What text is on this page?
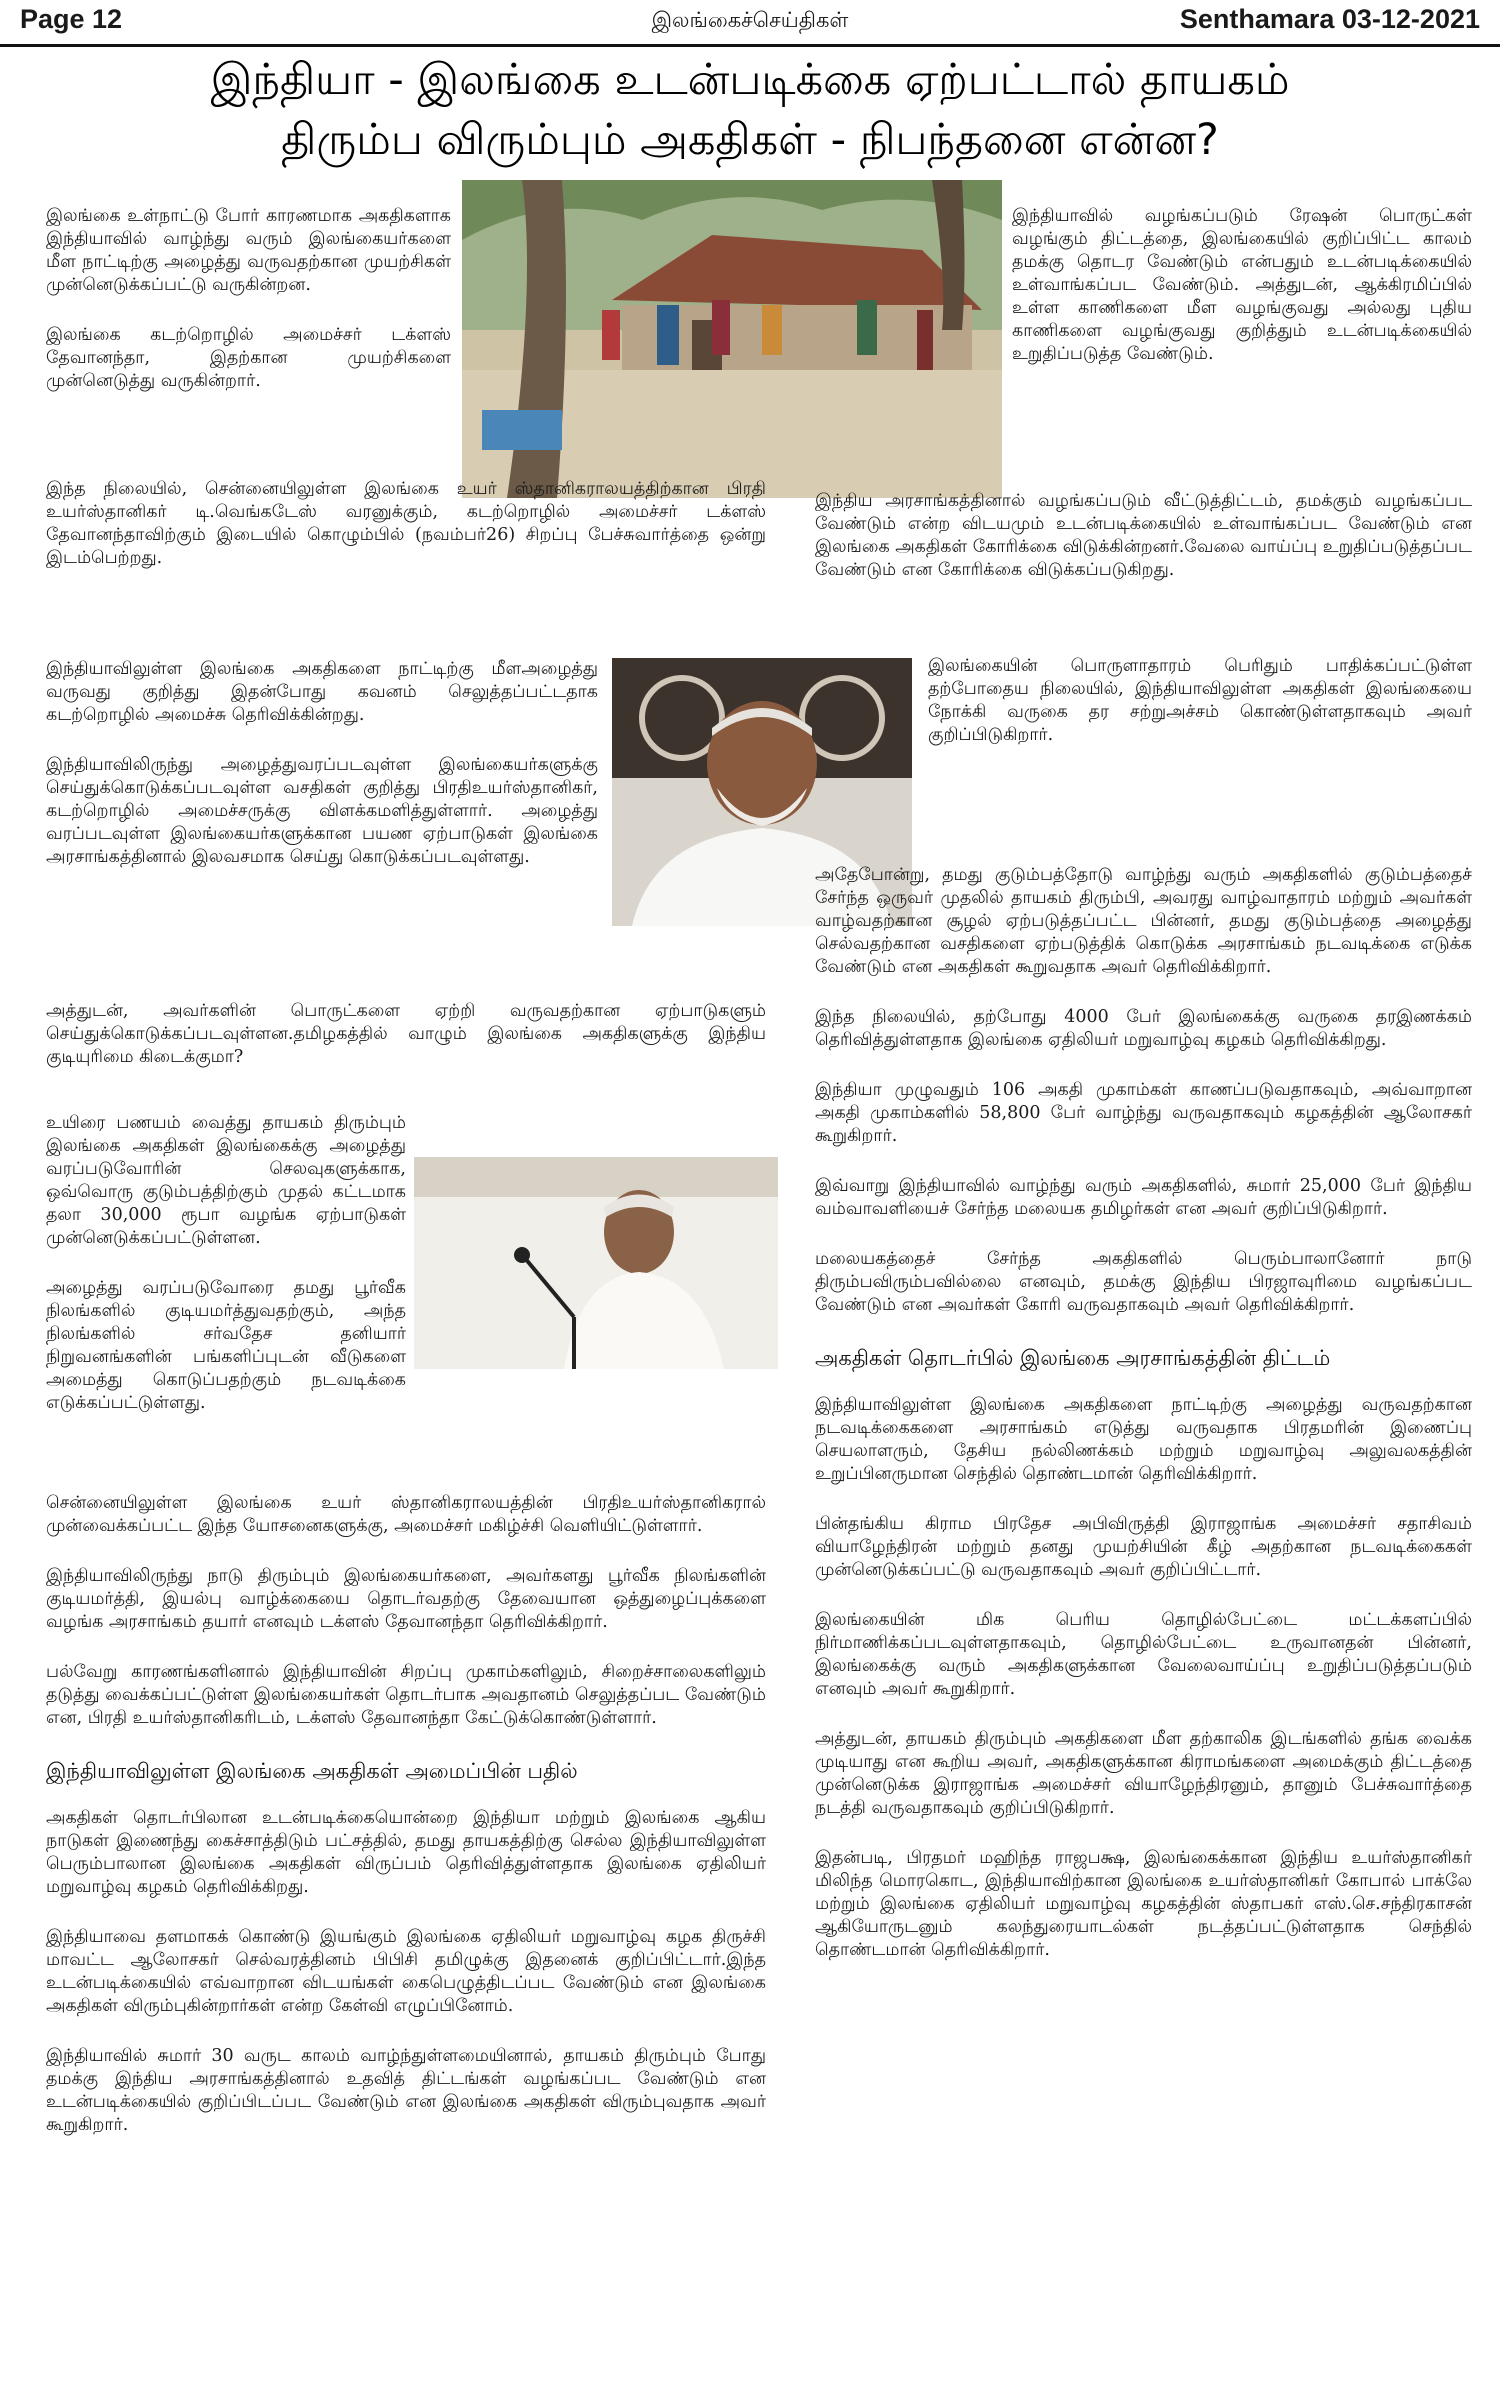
Page 12	இலங்கைச்செய்திகள்	Senthamara 03-12-2021
இந்தியா - இலங்கை உடன்படிக்கை ஏற்பட்டால் தாயகம்
திரும்ப விரும்பும் அகதிகள் - நிபந்தனை என்ன?

இலங்கை உள்நாட்டு போர் காரணமாக அகதிகளாக இந்தியாவில் வாழ்ந்து வரும் இலங்கையர்களை மீள நாட்டிற்கு அழைத்து வருவதற்கான முயற்சிகள் முன்னெடுக்கப்பட்டு வருகின்றன.

இலங்கை கடற்றொழில் அமைச்சர் டக்ளஸ் தேவானந்தா, இதற்கான முயற்சிகளை முன்னெடுத்து வருகின்றார்.

இந்த நிலையில், சென்னையிலுள்ள இலங்கை உயர் ஸ்தானிகராலயத்திற்கான பிரதி உயர்ஸ்தானிகர் டி.வெங்கடேஸ் வரனுக்கும், கடற்றொழில் அமைச்சர் டக்ளஸ் தேவானந்தாவிற்கும் இடையில் கொழும்பில் (நவம்பர்26) சிறப்பு பேச்சுவார்த்தை ஒன்று இடம்பெற்றது.

இந்தியாவிலுள்ள இலங்கை அகதிகளை நாட்டிற்கு மீளஅழைத்து வருவது குறித்து இதன்போது கவனம் செலுத்தப்பட்டதாக கடற்றொழில் அமைச்சு தெரிவிக்கின்றது.

இந்தியாவிலிருந்து அழைத்துவரப்படவுள்ள இலங்கையர்களுக்கு செய்துக்கொடுக்கப்படவுள்ள வசதிகள் குறித்து பிரதிஉயர்ஸ்தானிகர், கடற்றொழில் அமைச்சருக்கு விளக்கமளித்துள்ளார். அழைத்து வரப்படவுள்ள இலங்கையர்களுக்கான பயண ஏற்பாடுகள் இலங்கை அரசாங்கத்தினால் இலவசமாக செய்து கொடுக்கப்படவுள்ளது.

அத்துடன், அவர்களின் பொருட்களை ஏற்றி வருவதற்கான ஏற்பாடுகளும் செய்துக்கொடுக்கப்படவுள்ளன.தமிழகத்தில் வாழும் இலங்கை அகதிகளுக்கு இந்திய குடியுரிமை கிடைக்குமா?

உயிரை பணயம் வைத்து தாயகம் திரும்பும் இலங்கை அகதிகள் இலங்கைக்கு அழைத்து வரப்படுவோரின் செலவுகளுக்காக, ஒவ்வொரு குடும்பத்திற்கும் முதல் கட்டமாக தலா 30,000 ரூபா வழங்க ஏற்பாடுகள் முன்னெடுக்கப்பட்டுள்ளன.

அழைத்து வரப்படுவோரை தமது பூர்வீக நிலங்களில் குடியமர்த்துவதற்கும், அந்த நிலங்களில் சர்வதேச தனியார் நிறுவனங்களின் பங்களிப்புடன் வீடுகளை அமைத்து கொடுப்பதற்கும் நடவடிக்கை எடுக்கப்பட்டுள்ளது.

சென்னையிலுள்ள இலங்கை உயர் ஸ்தானிகராலயத்தின் பிரதிஉயர்ஸ்தானிகரால் முன்வைக்கப்பட்ட இந்த யோசனைகளுக்கு, அமைச்சர் மகிழ்ச்சி வெளியிட்டுள்ளார்.

இந்தியாவிலிருந்து நாடு திரும்பும் இலங்கையர்களை, அவர்களது பூர்வீக நிலங்களின் குடியமர்த்தி, இயல்பு வாழ்க்கையை தொடர்வதற்கு தேவையான ஒத்துழைப்புக்களை வழங்க அரசாங்கம் தயார் எனவும் டக்ளஸ் தேவானந்தா தெரிவிக்கிறார்.

பல்வேறு காரணங்களினால் இந்தியாவின் சிறப்பு முகாம்களிலும், சிறைச்சாலைகளிலும் தடுத்து வைக்கப்பட்டுள்ள இலங்கையர்கள் தொடர்பாக அவதானம் செலுத்தப்பட வேண்டும் என, பிரதி உயர்ஸ்தானிகரிடம், டக்ளஸ் தேவானந்தா கேட்டுக்கொண்டுள்ளார்.

இந்தியாவிலுள்ள இலங்கை அகதிகள் அமைப்பின் பதில்

அகதிகள் தொடர்பிலான உடன்படிக்கையொன்றை இந்தியா மற்றும் இலங்கை ஆகிய நாடுகள் இணைந்து கைச்சாத்திடும் பட்சத்தில், தமது தாயகத்திற்கு செல்ல இந்தியாவிலுள்ள பெரும்பாலான இலங்கை அகதிகள் விருப்பம் தெரிவித்துள்ளதாக இலங்கை ஏதிலியர் மறுவாழ்வு கழகம் தெரிவிக்கிறது.

இந்தியாவை தளமாகக் கொண்டு இயங்கும் இலங்கை ஏதிலியர் மறுவாழ்வு கழக திருச்சி மாவட்ட ஆலோசகர் செல்வரத்தினம் பிபிசி தமிழுக்கு இதனைக் குறிப்பிட்டார்.இந்த உடன்படிக்கையில் எவ்வாறான விடயங்கள் கைபெழுத்திடப்பட வேண்டும் என இலங்கை அகதிகள் விரும்புகின்றார்கள் என்ற கேள்வி எழுப்பினோம்.

இந்தியாவில் சுமார் 30 வருட காலம் வாழ்ந்துள்ளமையினால், தாயகம் திரும்பும் போது தமக்கு இந்திய அரசாங்கத்தினால் உதவித் திட்டங்கள் வழங்கப்பட வேண்டும் என உடன்படிக்கையில் குறிப்பிடப்பட வேண்டும் என இலங்கை அகதிகள் விரும்புவதாக அவர் கூறுகிறார்.

இந்தியாவில் வழங்கப்படும் ரேஷன் பொருட்கள் வழங்கும் திட்டத்தை, இலங்கையில் குறிப்பிட்ட காலம் தமக்கு தொடர வேண்டும் என்பதும் உடன்படிக்கையில் உள்வாங்கப்பட வேண்டும். அத்துடன், ஆக்கிரமிப்பில் உள்ள காணிகளை மீள வழங்குவது அல்லது புதிய காணிகளை வழங்குவது குறித்தும் உடன்படிக்கையில் உறுதிப்படுத்த வேண்டும்.

இந்திய அரசாங்கத்தினால் வழங்கப்படும் வீட்டுத்திட்டம், தமக்கும் வழங்கப்பட வேண்டும் என்ற விடயமும் உடன்படிக்கையில் உள்வாங்கப்பட வேண்டும் என இலங்கை அகதிகள் கோரிக்கை விடுக்கின்றனர்.வேலை வாய்ப்பு உறுதிப்படுத்தப்பட வேண்டும் என கோரிக்கை விடுக்கப்படுகிறது.

இலங்கையின் பொருளாதாரம் பெரிதும் பாதிக்கப்பட்டுள்ள தற்போதைய நிலையில், இந்தியாவிலுள்ள அகதிகள் இலங்கையை நோக்கி வருகை தர சற்றுஅச்சம் கொண்டுள்ளதாகவும் அவர் குறிப்பிடுகிறார்.

அதேபோன்று, தமது குடும்பத்தோடு வாழ்ந்து வரும் அகதிகளில் குடும்பத்தைச் சேர்ந்த ஒருவர் முதலில் தாயகம் திரும்பி, அவரது வாழ்வாதாரம் மற்றும் அவர்கள் வாழ்வதற்கான சூழல் ஏற்படுத்தப்பட்ட பின்னர், தமது குடும்பத்தை அழைத்து செல்வதற்கான வசதிகளை ஏற்படுத்திக் கொடுக்க அரசாங்கம் நடவடிக்கை எடுக்க வேண்டும் என அகதிகள் கூறுவதாக அவர் தெரிவிக்கிறார்.

இந்த நிலையில், தற்போது 4000 பேர் இலங்கைக்கு வருகை தரஇணக்கம் தெரிவித்துள்ளதாக இலங்கை ஏதிலியர் மறுவாழ்வு கழகம் தெரிவிக்கிறது.

இந்தியா முழுவதும் 106 அகதி முகாம்கள் காணப்படுவதாகவும், அவ்வாறான அகதி முகாம்களில் 58,800 பேர் வாழ்ந்து வருவதாகவும் கழகத்தின் ஆலோசகர் கூறுகிறார்.

இவ்வாறு இந்தியாவில் வாழ்ந்து வரும் அகதிகளில், சுமார் 25,000 பேர் இந்திய வம்வாவளியைச் சேர்ந்த மலையக தமிழர்கள் என அவர் குறிப்பிடுகிறார்.

மலையகத்தைச் சேர்ந்த அகதிகளில் பெரும்பாலானோர் நாடு திரும்பவிரும்பவில்லை எனவும், தமக்கு இந்திய பிரஜாவுரிமை வழங்கப்பட வேண்டும் என அவர்கள் கோரி வருவதாகவும் அவர் தெரிவிக்கிறார்.

அகதிகள் தொடர்பில் இலங்கை அரசாங்கத்தின் திட்டம்

இந்தியாவிலுள்ள இலங்கை அகதிகளை நாட்டிற்கு அழைத்து வருவதற்கான நடவடிக்கைகளை அரசாங்கம் எடுத்து வருவதாக பிரதமரின் இணைப்பு செயலாளரும், தேசிய நல்லிணக்கம் மற்றும் மறுவாழ்வு அலுவலகத்தின் உறுப்பினருமான செந்தில் தொண்டமான் தெரிவிக்கிறார்.

பின்தங்கிய கிராம பிரதேச அபிவிருத்தி இராஜாங்க அமைச்சர் சதாசிவம் வியாழேந்திரன் மற்றும் தனது முயற்சியின் கீழ் அதற்கான நடவடிக்கைகள் முன்னெடுக்கப்பட்டு வருவதாகவும் அவர் குறிப்பிட்டார்.

இலங்கையின் மிக பெரிய தொழில்பேட்டை மட்டக்களப்பில் நிர்மாணிக்கப்படவுள்ளதாகவும், தொழில்பேட்டை உருவானதன் பின்னர், இலங்கைக்கு வரும் அகதிகளுக்கான வேலைவாய்ப்பு உறுதிப்படுத்தப்படும் எனவும் அவர் கூறுகிறார்.

அத்துடன், தாயகம் திரும்பும் அகதிகளை மீள தற்காலிக இடங்களில் தங்க வைக்க முடியாது என கூறிய அவர், அகதிகளுக்கான கிராமங்களை அமைக்கும் திட்டத்தை முன்னெடுக்க இராஜாங்க அமைச்சர் வியாழேந்திரனும், தானும் பேச்சுவார்த்தை நடத்தி வருவதாகவும் குறிப்பிடுகிறார்.

இதன்படி, பிரதமர் மஹிந்த ராஜபக்ஷ, இலங்கைக்கான இந்திய உயர்ஸ்தானிகர் மிலிந்த மொரகொட, இந்தியாவிற்கான இலங்கை உயர்ஸ்தானிகர் கோபால் பாக்லே மற்றும் இலங்கை ஏதிலியர் மறுவாழ்வு கழகத்தின் ஸ்தாபகர் எஸ்.செ.சந்திரகாசன் ஆகியோருடனும் கலந்துரையாடல்கள் நடத்தப்பட்டுள்ளதாக செந்தில் தொண்டமான் தெரிவிக்கிறார்.
